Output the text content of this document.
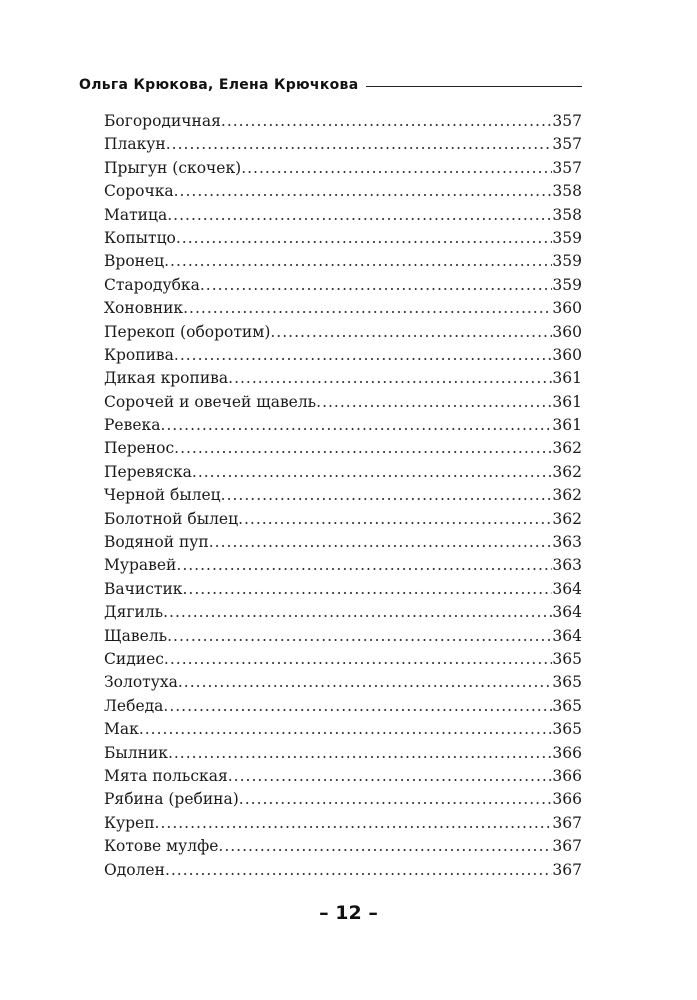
Ольга Крюкова, Елена Крючкова
Богородичная .....	357
Плакун .....	357
Прыгун (скочек) .....	357
Сорочка .....	358
Матица .....	358
Копытцо .....	359
Вронец .....	359
Стародубка .....	359
Хоновник .....	360
Перекоп (оборотим) .....	360
Кропива .....	360
Дикая кропива .....	361
Сорочей и овечей щавель .....	361
Ревека .....	361
Перенос .....	362
Перевяска .....	362
Черной былец .....	362
Болотной былец .....	362
Водяной пуп .....	363
Муравей .....	363
Вачистик .....	364
Дягиль .....	364
Щавель .....	364
Сидиес .....	365
Золотуха .....	365
Лебеда .....	365
Мак .....	365
Былник .....	366
Мята польская .....	366
Рябина (ребина) .....	366
Куреп .....	367
Котове мулфе .....	367
Одолен .....	367
– 12 –
